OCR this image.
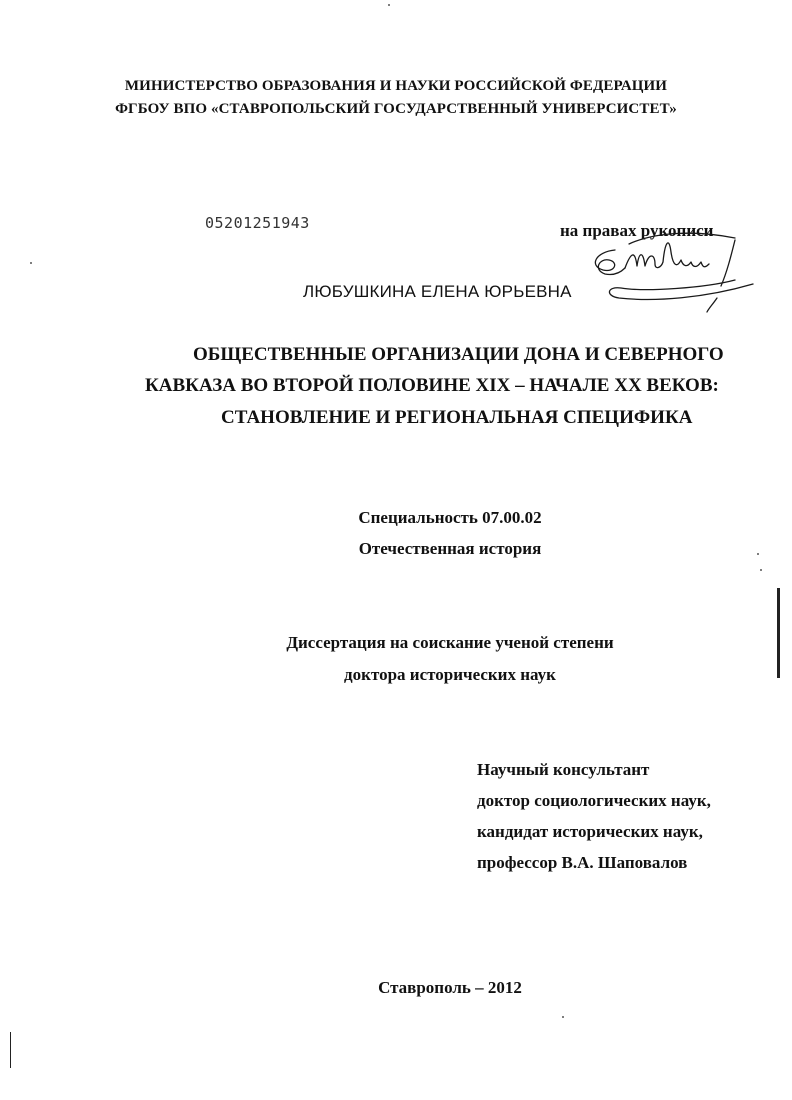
МИНИСТЕРСТВО ОБРАЗОВАНИЯ И НАУКИ РОССИЙСКОЙ ФЕДЕРАЦИИ
ФГБОУ ВПО «СТАВРОПОЛЬСКИЙ ГОСУДАРСТВЕННЫЙ УНИВЕРСИСТЕТ»
05201251943	на правах рукописи
ЛЮБУШКИНА ЕЛЕНА ЮРЬЕВНА
ОБЩЕСТВЕННЫЕ ОРГАНИЗАЦИИ ДОНА И СЕВЕРНОГО
КАВКАЗА ВО ВТОРОЙ ПОЛОВИНЕ XIX – НАЧАЛЕ XX ВЕКОВ:
СТАНОВЛЕНИЕ И РЕГИОНАЛЬНАЯ СПЕЦИФИКА
Специальность 07.00.02
Отечественная история
Диссертация на соискание ученой степени
доктора исторических наук
Научный консультант
доктор социологических наук,
кандидат исторических наук,
профессор В.А. Шаповалов
Ставрополь – 2012
